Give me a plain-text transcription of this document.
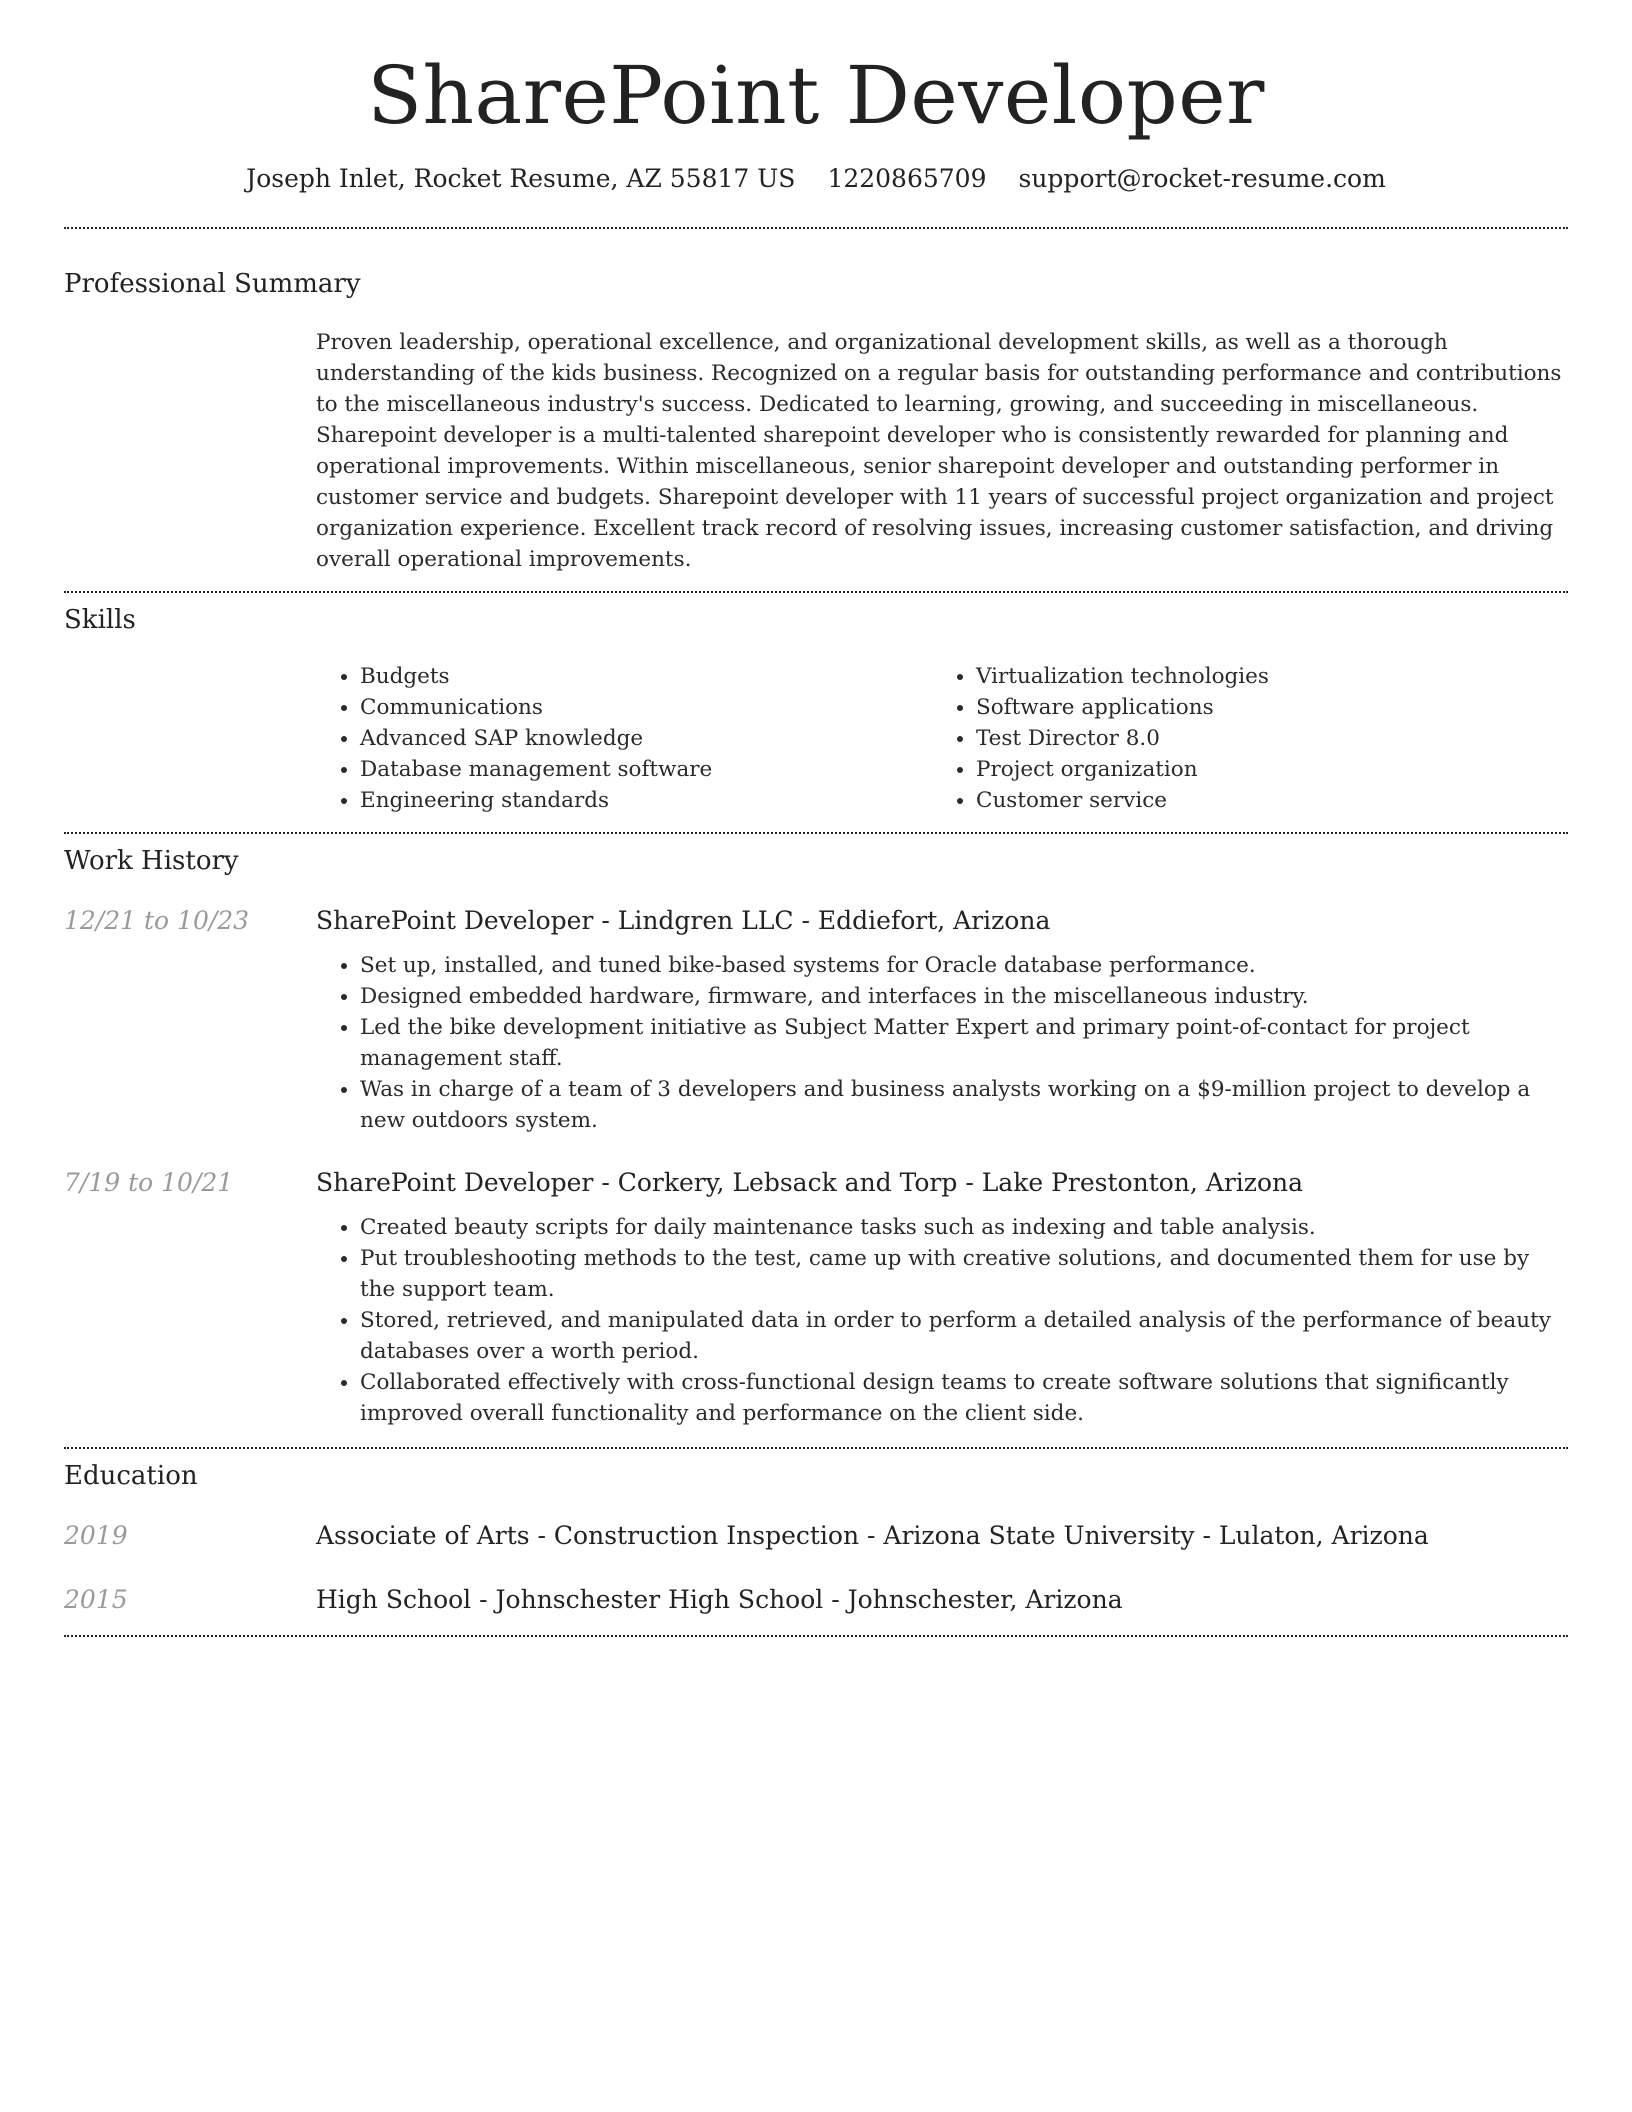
SharePoint Developer
Joseph Inlet, Rocket Resume, AZ 55817 US 1220865709 support@rocket-resume.com
Professional Summary

Proven leadership, operational excellence, and organizational development skills, as well as a thorough understanding of the kids business. Recognized on a regular basis for outstanding performance and contributions to the miscellaneous industry's success. Dedicated to learning, growing, and succeeding in miscellaneous. Sharepoint developer is a multi-talented sharepoint developer who is consistently rewarded for planning and operational improvements. Within miscellaneous, senior sharepoint developer and outstanding performer in customer service and budgets. Sharepoint developer with 11 years of successful project organization and project organization experience. Excellent track record of resolving issues, increasing customer satisfaction, and driving overall operational improvements.

Skills
• Budgets
• Communications
• Advanced SAP knowledge
• Database management software
• Engineering standards
• Virtualization technologies
• Software applications
• Test Director 8.0
• Project organization
• Customer service
Work History
12/21 to 10/23	SharePoint Developer - Lindgren LLC - Eddiefort, Arizona
• Set up, installed, and tuned bike-based systems for Oracle database performance.
• Designed embedded hardware, firmware, and interfaces in the miscellaneous industry.
• Led the bike development initiative as Subject Matter Expert and primary point-of-contact for project management staff.
• Was in charge of a team of 3 developers and business analysts working on a $9-million project to develop a new outdoors system.
7/19 to 10/21	SharePoint Developer - Corkery, Lebsack and Torp - Lake Prestonton, Arizona
• Created beauty scripts for daily maintenance tasks such as indexing and table analysis.
• Put troubleshooting methods to the test, came up with creative solutions, and documented them for use by the support team.
• Stored, retrieved, and manipulated data in order to perform a detailed analysis of the performance of beauty databases over a worth period.
• Collaborated effectively with cross-functional design teams to create software solutions that significantly improved overall functionality and performance on the client side.
Education
2019	Associate of Arts - Construction Inspection - Arizona State University - Lulaton, Arizona
2015	High School - Johnschester High School - Johnschester, Arizona
